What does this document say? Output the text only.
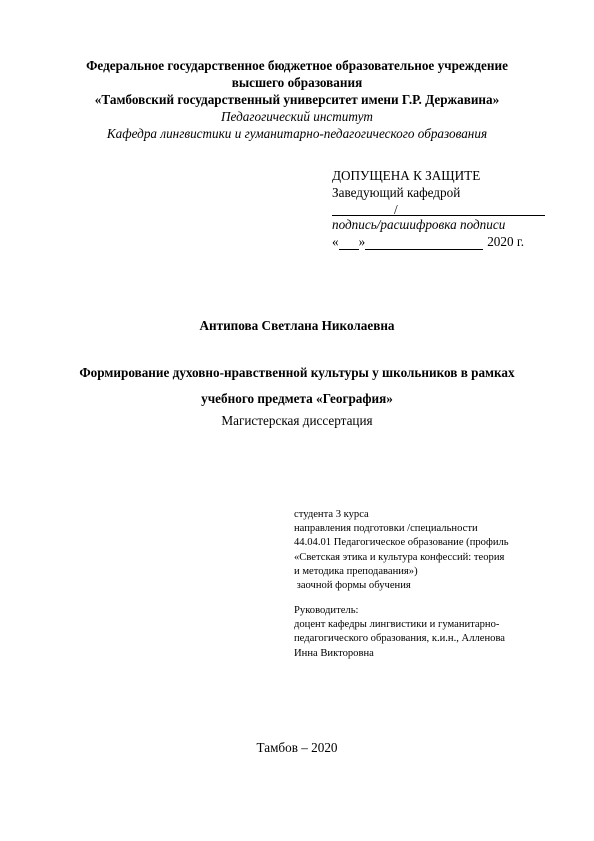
Федеральное государственное бюджетное образовательное учреждение
высшего образования
«Тамбовский государственный университет имени Г.Р. Державина»
Педагогический институт
Кафедра лингвистики и гуманитарно-педагогического образования
ДОПУЩЕНА К ЗАЩИТЕ
Заведующий кафедрой
/
подпись/расшифровка подписи
« »	2020 г.
Антипова Светлана Николаевна
Формирование духовно-нравственной культуры у школьников в рамках
учебного предмета «География»
Магистерская диссертация
студента 3 курса
направления подготовки /специальности
44.04.01 Педагогическое образование (профиль
«Светская этика и культура конфессий: теория
и методика преподавания»)
заочной формы обучения
Руководитель:
доцент кафедры лингвистики и гуманитарно-
педагогического образования, к.и.н., Алленова
Инна Викторовна
Тамбов – 2020
